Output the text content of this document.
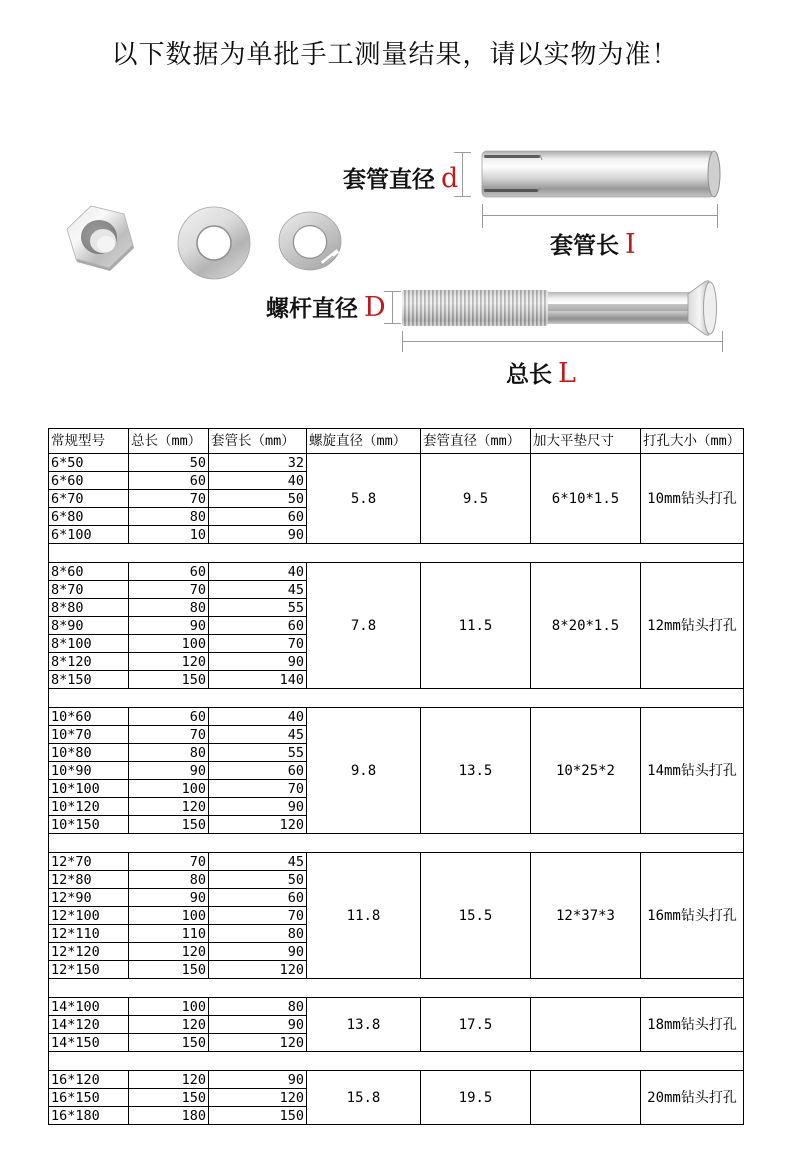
以下数据为单批手工测量结果，请以实物为准！
套管直径 d
套管长 I
螺杆直径 D
总长 L
常规型号	总长（mm）	套管长（mm）	螺旋直径（mm）	套管直径（mm）	加大平垫尺寸	打孔大小（mm）
6*50	50	32	5.8	9.5	6*10*1.5	10mm钻头打孔
6*60	60	40				
6*70	70	50				
6*80	80	60				
6*100	10	90				

8*60	60	40	7.8	11.5	8*20*1.5	12mm钻头打孔
8*70	70	45				
8*80	80	55				
8*90	90	60				
8*100	100	70				
8*120	120	90				
8*150	150	140				

10*60	60	40	9.8	13.5	10*25*2	14mm钻头打孔
10*70	70	45				
10*80	80	55				
10*90	90	60				
10*100	100	70				
10*120	120	90				
10*150	150	120				

12*70	70	45	11.8	15.5	12*37*3	16mm钻头打孔
12*80	80	50				
12*90	90	60				
12*100	100	70				
12*110	110	80				
12*120	120	90				
12*150	150	120				

14*100	100	80	13.8	17.5		18mm钻头打孔
14*120	120	90				
14*150	150	120				

16*120	120	90	15.8	19.5		20mm钻头打孔
16*150	150	120				
16*180	180	150				
